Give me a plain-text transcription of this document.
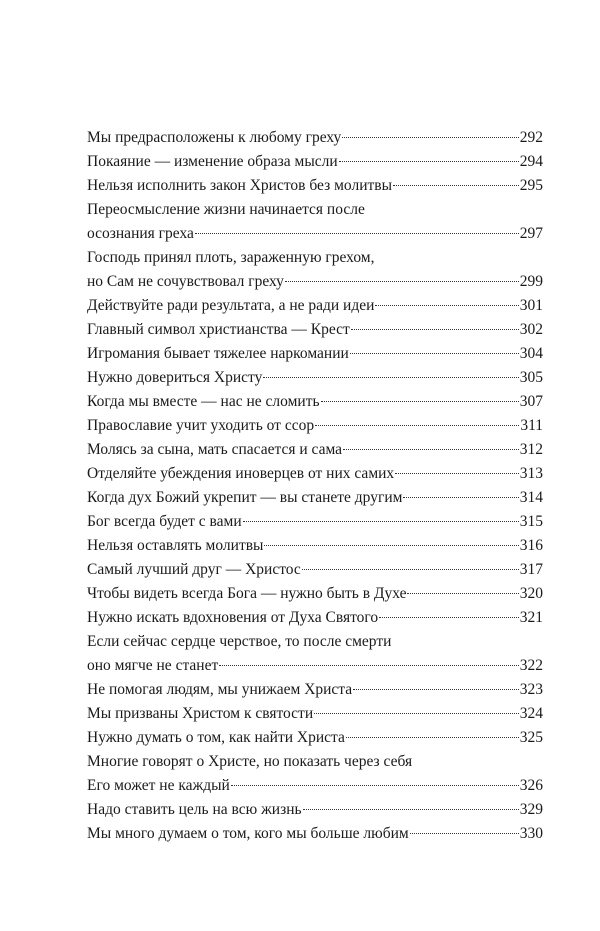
Мы предрасположены к любому греху	292
Покаяние — изменение образа мысли	294
Нельзя исполнить закон Христов без молитвы	295
Переосмысление жизни начинается после
осознания греха	297
Господь принял плоть, зараженную грехом,
но Сам не сочувствовал греху	299
Действуйте ради результата, а не ради идеи	301
Главный символ христианства — Крест	302
Игромания бывает тяжелее наркомании	304
Нужно довериться Христу	305
Когда мы вместе — нас не сломить	307
Православие учит уходить от ссор	311
Молясь за сына, мать спасается и сама	312
Отделяйте убеждения иноверцев от них самих	313
Когда дух Божий укрепит — вы станете другим	314
Бог всегда будет с вами	315
Нельзя оставлять молитвы	316
Самый лучший друг — Христос	317
Чтобы видеть всегда Бога — нужно быть в Духе	320
Нужно искать вдохновения от Духа Святого	321
Если сейчас сердце черствое, то после смерти
оно мягче не станет	322
Не помогая людям, мы унижаем Христа	323
Мы призваны Христом к святости	324
Нужно думать о том, как найти Христа	325
Многие говорят о Христе, но показать через себя
Его может не каждый	326
Надо ставить цель на всю жизнь	329
Мы много думаем о том, кого мы больше любим	330
